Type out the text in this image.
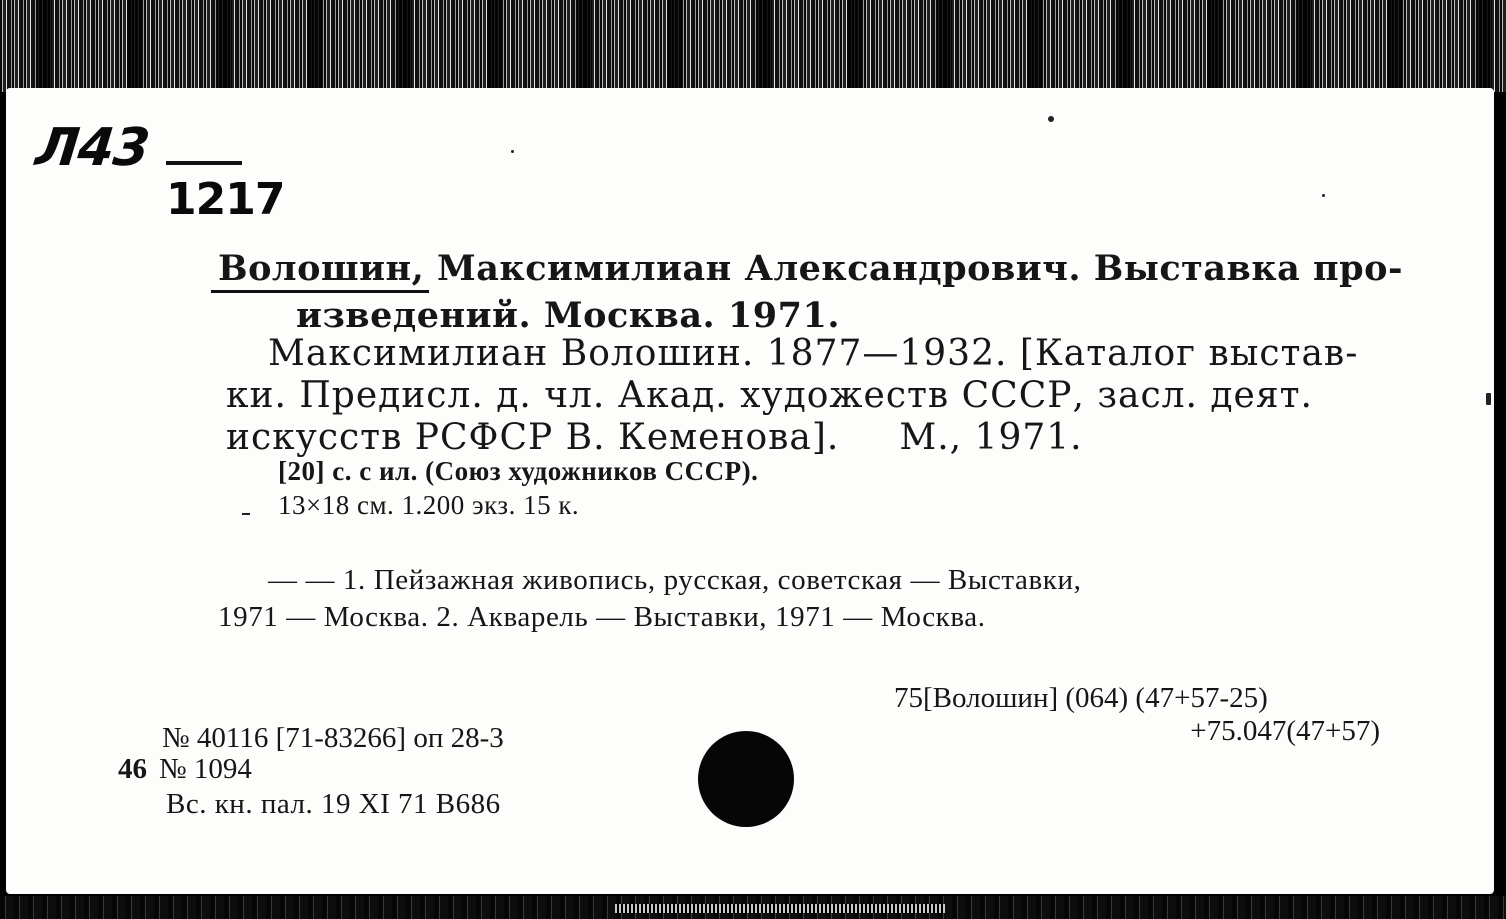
Л43
1217
Волошин, Максимилиан Александрович. Выставка про-
изведений. Москва. 1971.
Максимилиан Волошин. 1877—1932. [Каталог выстав-
ки. Предисл. д. чл. Акад. художеств СССР, засл. деят.
искусств РСФСР В. Кеменова]. М., 1971.
[20] с. с ил. (Союз художников СССР).
13×18 см. 1.200 экз. 15 к.
— — 1. Пейзажная живопись, русская, советская — Выставки,
1971 — Москва. 2. Акварель — Выставки, 1971 — Москва.
75[Волошин] (064) (47+57-25)
+75.047(47+57)
№ 40116 [71-83266] оп 28-3
46 № 1094
Вс. кн. пал. 19 XI 71 В686
